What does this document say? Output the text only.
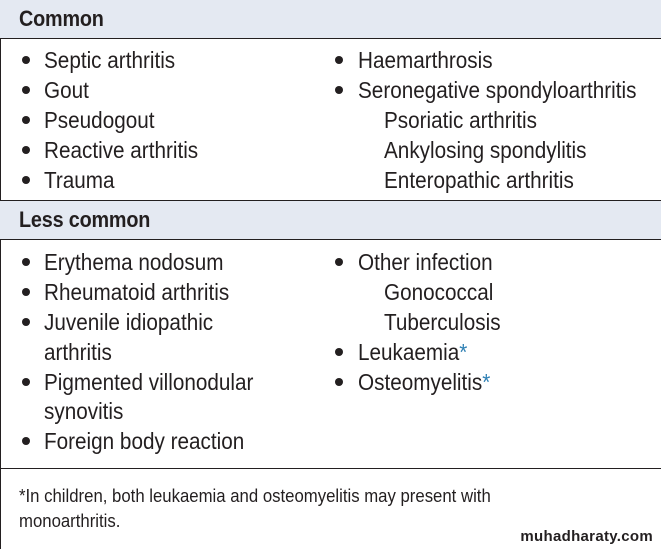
Common
Septic arthritis
Gout
Pseudogout
Reactive arthritis
Trauma
Haemarthrosis
Seronegative spondyloarthritis
Psoriatic arthritis
Ankylosing spondylitis
Enteropathic arthritis
Less common
Erythema nodosum
Rheumatoid arthritis
Juvenile idiopathic
arthritis
Pigmented villonodular
synovitis
Foreign body reaction
Other infection
Gonococcal
Tuberculosis
Leukaemia*
Osteomyelitis*
*In children, both leukaemia and osteomyelitis may present with
monoarthritis.
muhadharaty.com
